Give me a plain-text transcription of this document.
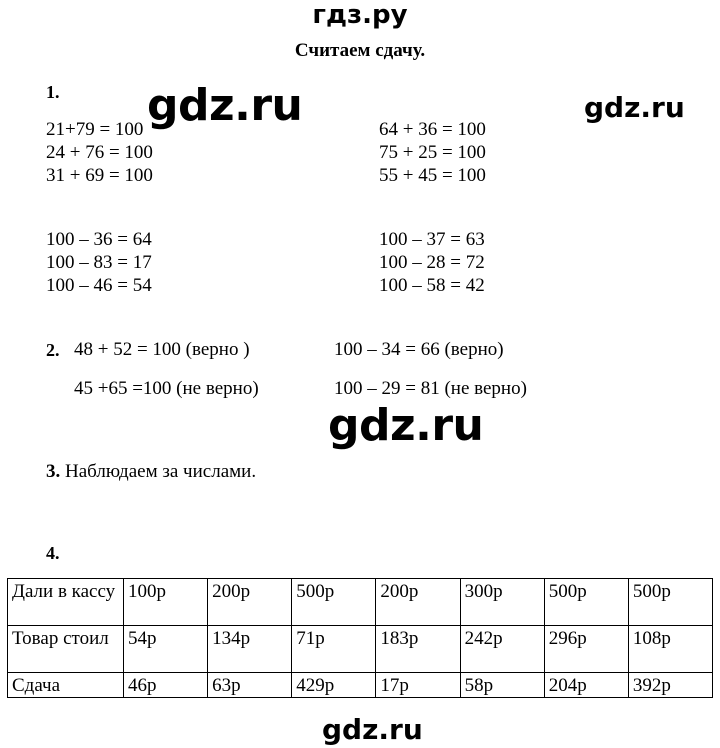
гдз.ру
Считаем сдачу.
gdz.ru	gdz.ru
gdz.ru
gdz.ru
1.
21+79 = 100
24 + 76 = 100
31 + 69 = 100
64 + 36 = 100
75 + 25 = 100
55 + 45 = 100
100 – 36 = 64
100 – 83 = 17
100 – 46 = 54
100 – 37 = 63
100 – 28 = 72
100 – 58 = 42
2. 48 + 52 = 100 (верно )	100 – 34 = 66 (верно)
45 +65 =100 (не верно)	100 – 29 = 81 (не верно)
3. Наблюдаем за числами.
4.
Дали в кассу	100р	200р	500р	200р	300р	500р	500р
Товар стоил	54р	134р	71р	183р	242р	296р	108р
Сдача	46р	63р	429р	17р	58р	204р	392р
